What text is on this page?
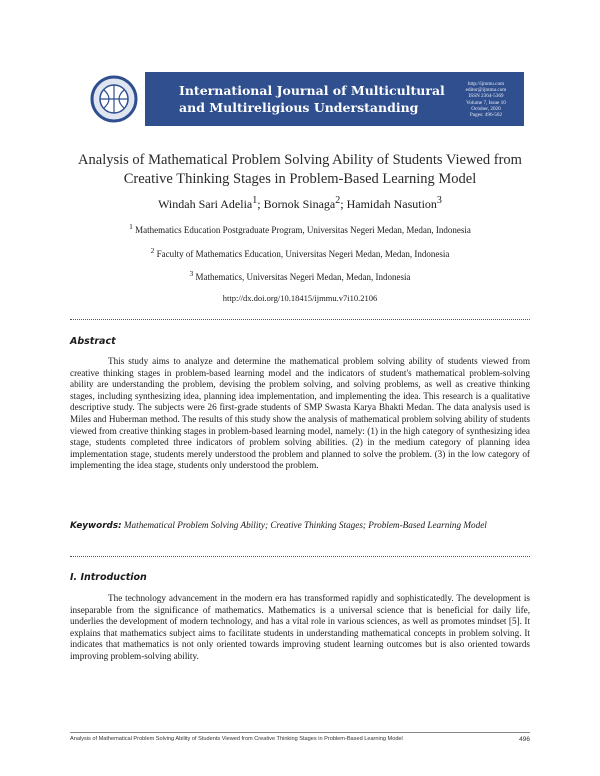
International Journal of Multicultural
and Multireligious Understanding
http://ijmmu.com
editor@ijmmu.com
ISSN 2364-5369
Volume 7, Issue 10
October, 2020
Pages: 496-502
Analysis of Mathematical Problem Solving Ability of Students Viewed from
Creative Thinking Stages in Problem-Based Learning Model
Windah Sari Adelia$^1$; Bornok Sinaga$^2$; Hamidah Nasution$^3$
$^1$ Mathematics Education Postgraduate Program, Universitas Negeri Medan, Medan, Indonesia
$^2$ Faculty of Mathematics Education, Universitas Negeri Medan, Medan, Indonesia
$^3$ Mathematics, Universitas Negeri Medan, Medan, Indonesia
http://dx.doi.org/10.18415/ijmmu.v7i10.2106
Abstract
This study aims to analyze and determine the mathematical problem solving ability of students viewed from creative thinking stages in problem-based learning model and the indicators of student's mathematical problem-solving ability are understanding the problem, devising the problem solving, and solving problems, as well as creative thinking stages, including synthesizing idea, planning idea implementation, and implementing the idea. This research is a qualitative descriptive study. The subjects were 26 first-grade students of SMP Swasta Karya Bhakti Medan. The data analysis used is Miles and Huberman method. The results of this study show the analysis of mathematical problem solving ability of students viewed from creative thinking stages in problem-based learning model, namely: (1) in the high category of synthesizing idea stage, students completed three indicators of problem solving abilities. (2) in the medium category of planning idea implementation stage, students merely understood the problem and planned to solve the problem. (3) in the low category of implementing the idea stage, students only understood the problem.
Keywords: Mathematical Problem Solving Ability; Creative Thinking Stages; Problem-Based Learning Model
I. Introduction
The technology advancement in the modern era has transformed rapidly and sophisticatedly. The development is inseparable from the significance of mathematics. Mathematics is a universal science that is beneficial for daily life, underlies the development of modern technology, and has a vital role in various sciences, as well as promotes mindset [5]. It explains that mathematics subject aims to facilitate students in understanding mathematical concepts in problem solving. It indicates that mathematics is not only oriented towards improving student learning outcomes but is also oriented towards improving problem-solving ability.
Analysis of Mathematical Problem Solving Ability of Students Viewed from Creative Thinking Stages in Problem-Based Learning Model	496
